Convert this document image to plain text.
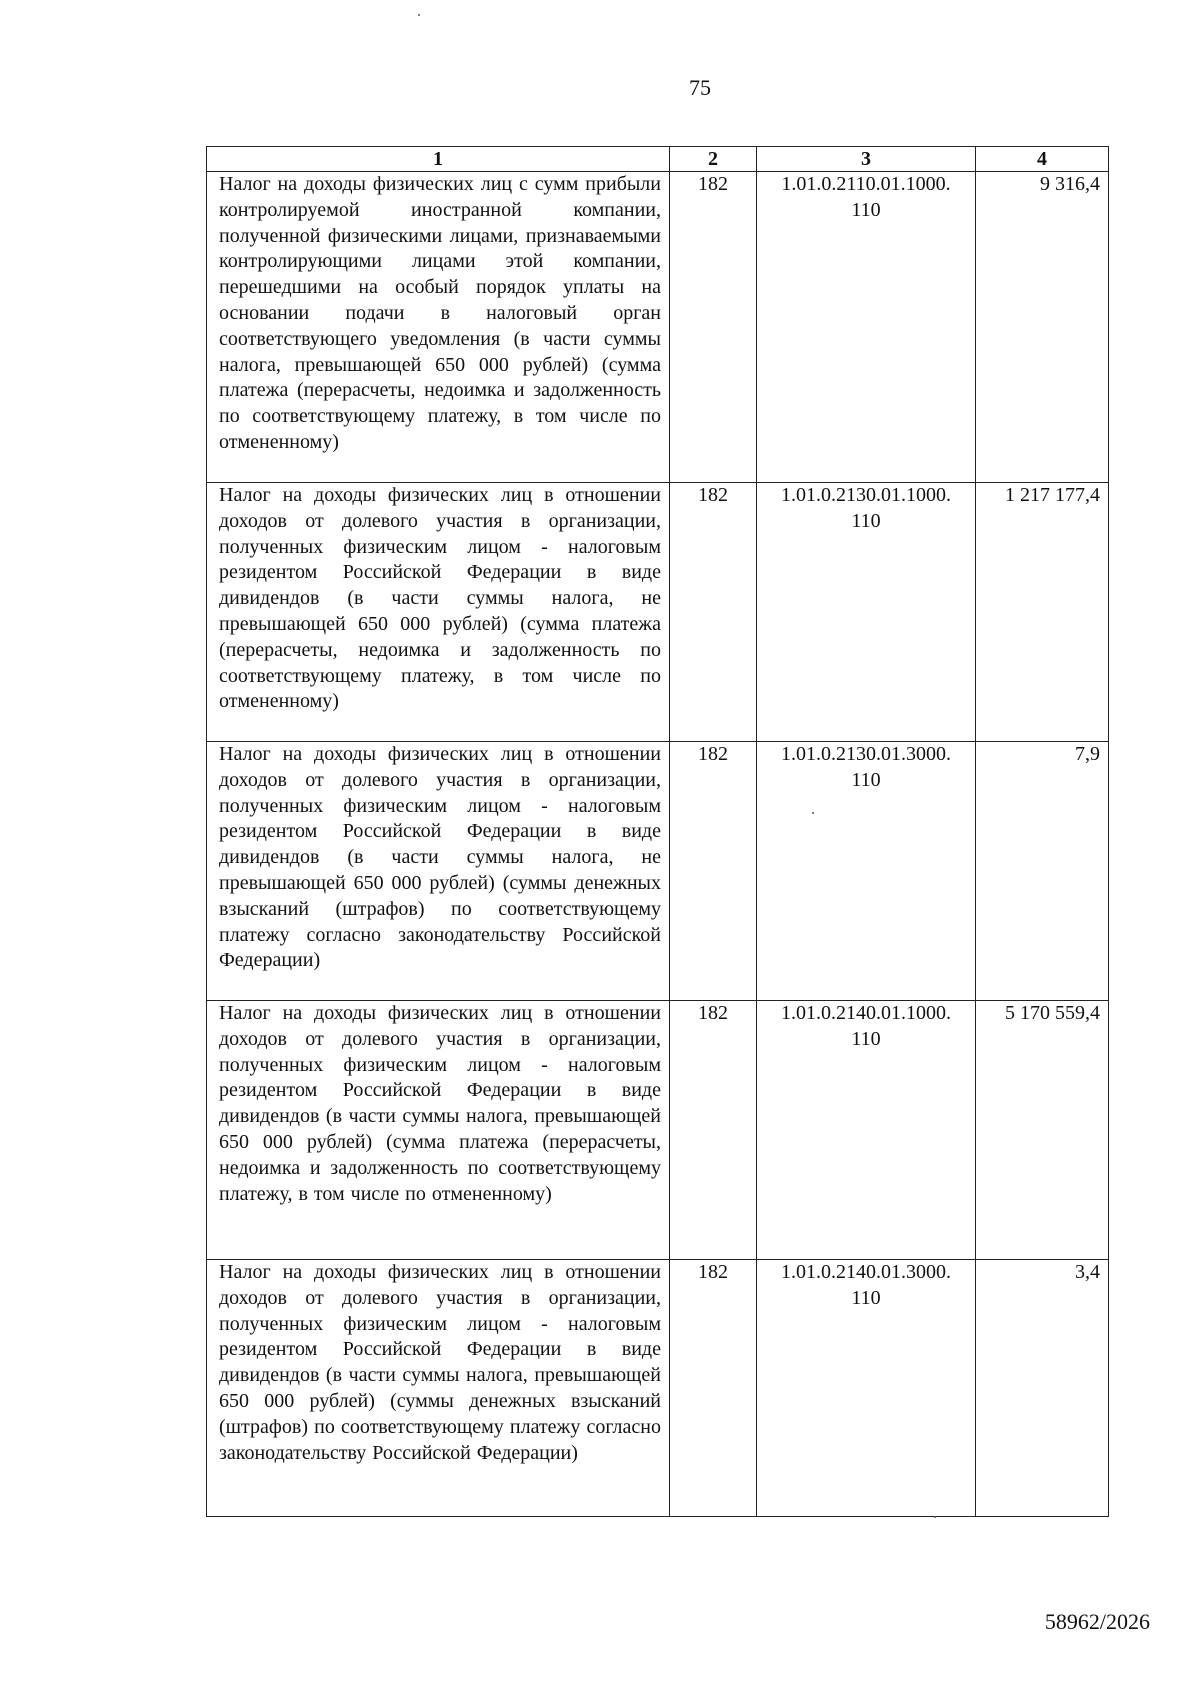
75
1	2	3	4
Налог на доходы физических лиц с сумм прибыли контролируемой иностранной компании, полученной физическими лицами, признаваемыми контролирующими лицами этой компании, перешедшими на особый порядок уплаты на основании подачи в налоговый орган соответствующего уведомления (в части суммы налога, превышающей 650 000 рублей) (сумма платежа (перерасчеты, недоимка и задолженность по соответствующему платежу, в том числе по отмененному)	182	1.01.0.2110.01.1000.
110	9 316,4
Налог на доходы физических лиц в отношении доходов от долевого участия в организации, полученных физическим лицом - налоговым резидентом Российской Федерации в виде дивидендов (в части суммы налога, не превышающей 650 000 рублей) (сумма платежа (перерасчеты, недоимка и задолженность по соответствующему платежу, в том числе по отмененному)	182	1.01.0.2130.01.1000.
110	1 217 177,4
Налог на доходы физических лиц в отношении доходов от долевого участия в организации, полученных физическим лицом - налоговым резидентом Российской Федерации в виде дивидендов (в части суммы налога, не превышающей 650 000 рублей) (суммы денежных взысканий (штрафов) по соответствующему платежу согласно законодательству Российской Федерации)	182	1.01.0.2130.01.3000.
110	7,9
Налог на доходы физических лиц в отношении доходов от долевого участия в организации, полученных физическим лицом - налоговым резидентом Российской Федерации в виде дивидендов (в части суммы налога, превышающей 650 000 рублей) (сумма платежа (перерасчеты, недоимка и задолженность по соответствующему платежу, в том числе по отмененному)	182	1.01.0.2140.01.1000.
110	5 170 559,4
Налог на доходы физических лиц в отношении доходов от долевого участия в организации, полученных физическим лицом - налоговым резидентом Российской Федерации в виде дивидендов (в части суммы налога, превышающей 650 000 рублей) (суммы денежных взысканий (штрафов) по соответствующему платежу согласно законодательству Российской Федерации)	182	1.01.0.2140.01.3000.
110	3,4
58962/2026
